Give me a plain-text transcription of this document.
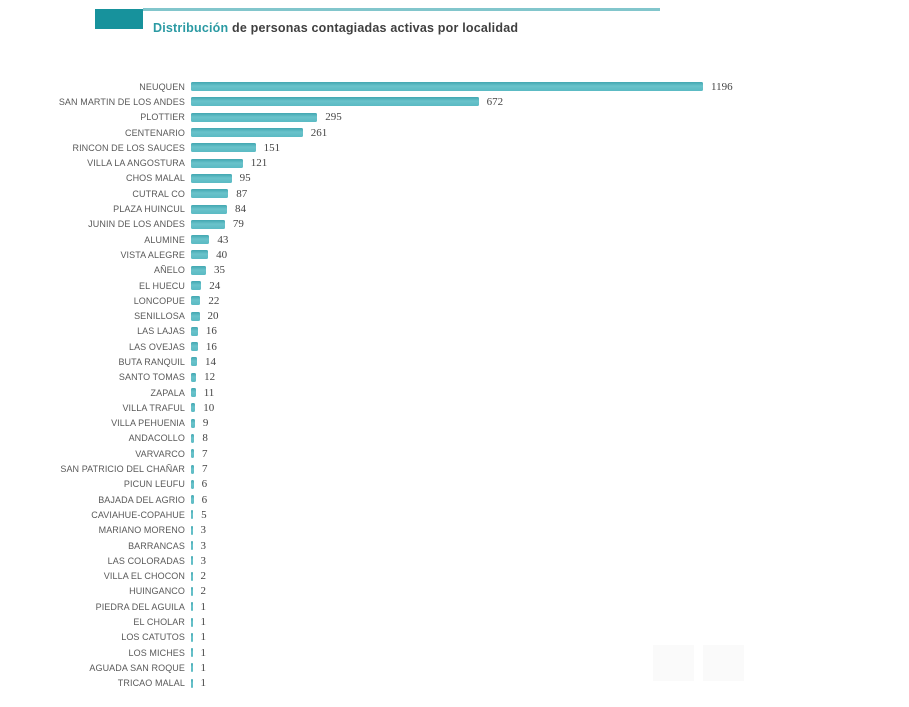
Distribución de personas contagiadas activas por localidad
NEUQUEN	1196
SAN MARTIN DE LOS ANDES	672
PLOTTIER	295
CENTENARIO	261
RINCON DE LOS SAUCES	151
VILLA LA ANGOSTURA	121
CHOS MALAL	95
CUTRAL CO	87
PLAZA HUINCUL	84
JUNIN DE LOS ANDES	79
ALUMINE	43
VISTA ALEGRE	40
AÑELO	35
EL HUECU 24
LONCOPUE 22
SENILLOSA 20
LAS LAJAS 16
LAS OVEJAS 16
BUTA RANQUIL 14
SANTO TOMAS 12
ZAPALA 11
VILLA TRAFUL 10
VILLA PEHUENIA 9
ANDACOLLO 8
VARVARCO 7
SAN PATRICIO DEL CHAÑAR 7
PICUN LEUFU 6
BAJADA DEL AGRIO 6
CAVIAHUE-COPAHUE 5
MARIANO MORENO 3
BARRANCAS 3
LAS COLORADAS 3
VILLA EL CHOCON 2
HUINGANCO 2
PIEDRA DEL AGUILA 1
EL CHOLAR 1
LOS CATUTOS 1
LOS MICHES 1
AGUADA SAN ROQUE 1
TRICAO MALAL 1
